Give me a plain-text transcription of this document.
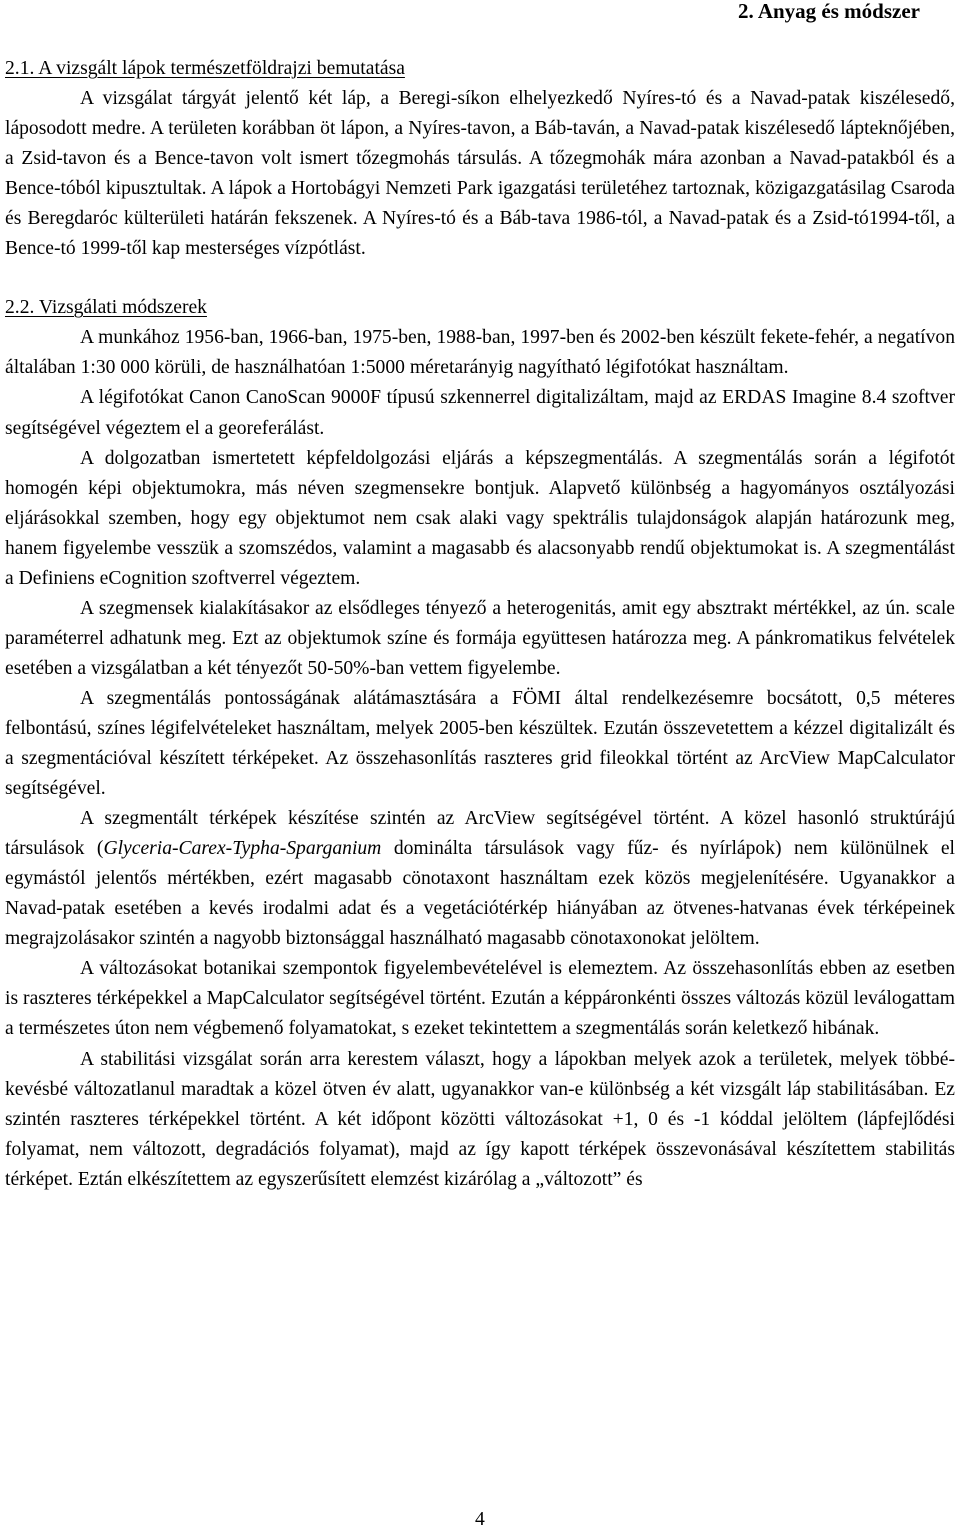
2. Anyag és módszer
2.1. A vizsgált lápok természetföldrajzi bemutatása

A vizsgálat tárgyát jelentő két láp, a Beregi-síkon elhelyezkedő Nyíres-tó és a Navad-patak kiszélesedő, láposodott medre. A területen korábban öt lápon, a Nyíres-tavon, a Báb-taván, a Navad-patak kiszélesedő lápteknőjében, a Zsid-tavon és a Bence-tavon volt ismert tőzegmohás társulás. A tőzegmohák mára azonban a Navad-patakból és a Bence-tóból kipusztultak. A lápok a Hortobágyi Nemzeti Park igazgatási területéhez tartoznak, közigazgatásilag Csaroda és Beregdaróc külterületi határán fekszenek. A Nyíres-tó és a Báb-tava 1986-tól, a Navad-patak és a Zsid-tó1994-től, a Bence-tó 1999-től kap mesterséges vízpótlást.

2.2. Vizsgálati módszerek

A munkához 1956-ban, 1966-ban, 1975-ben, 1988-ban, 1997-ben és 2002-ben készült fekete-fehér, a negatívon általában 1:30 000 körüli, de használhatóan 1:5000 méretarányig nagyítható légifotókat használtam.

A légifotókat Canon CanoScan 9000F típusú szkennerrel digitalizáltam, majd az ERDAS Imagine 8.4 szoftver segítségével végeztem el a georeferálást.

A dolgozatban ismertetett képfeldolgozási eljárás a képszegmentálás. A szegmentálás során a légifotót homogén képi objektumokra, más néven szegmensekre bontjuk. Alapvető különbség a hagyományos osztályozási eljárásokkal szemben, hogy egy objektumot nem csak alaki vagy spektrális tulajdonságok alapján határozunk meg, hanem figyelembe vesszük a szomszédos, valamint a magasabb és alacsonyabb rendű objektumokat is. A szegmentálást a Definiens eCognition szoftverrel végeztem.

A szegmensek kialakításakor az elsődleges tényező a heterogenitás, amit egy absztrakt mértékkel, az ún. scale paraméterrel adhatunk meg. Ezt az objektumok színe és formája együttesen határozza meg. A pánkromatikus felvételek esetében a vizsgálatban a két tényezőt 50-50%-ban vettem figyelembe.

A szegmentálás pontosságának alátámasztására a FÖMI által rendelkezésemre bocsátott, 0,5 méteres felbontású, színes légifelvételeket használtam, melyek 2005-ben készültek. Ezután összevetettem a kézzel digitalizált és a szegmentációval készített térképeket. Az összehasonlítás raszteres grid fileokkal történt az ArcView MapCalculator segítségével.

A szegmentált térképek készítése szintén az ArcView segítségével történt. A közel hasonló struktúrájú társulások (Glyceria-Carex-Typha-Sparganium dominálta társulások vagy fűz- és nyírlápok) nem különülnek el egymástól jelentős mértékben, ezért magasabb cönotaxont használtam ezek közös megjelenítésére. Ugyanakkor a Navad-patak esetében a kevés irodalmi adat és a vegetációtérkép hiányában az ötvenes-hatvanas évek térképeinek megrajzolásakor szintén a nagyobb biztonsággal használható magasabb cönotaxonokat jelöltem.

A változásokat botanikai szempontok figyelembevételével is elemeztem. Az összehasonlítás ebben az esetben is raszteres térképekkel a MapCalculator segítségével történt. Ezután a képpáronkénti összes változás közül leválogattam a természetes úton nem végbemenő folyamatokat, s ezeket tekintettem a szegmentálás során keletkező hibának.

A stabilitási vizsgálat során arra kerestem választ, hogy a lápokban melyek azok a területek, melyek többé-kevésbé változatlanul maradtak a közel ötven év alatt, ugyanakkor van-e különbség a két vizsgált láp stabilitásában. Ez szintén raszteres térképekkel történt. A két időpont közötti változásokat +1, 0 és -1 kóddal jelöltem (lápfejlődési folyamat, nem változott, degradációs folyamat), majd az így kapott térképek összevonásával készítettem stabilitás térképet. Eztán elkészítettem az egyszerűsített elemzést kizárólag a „változott” és

4
